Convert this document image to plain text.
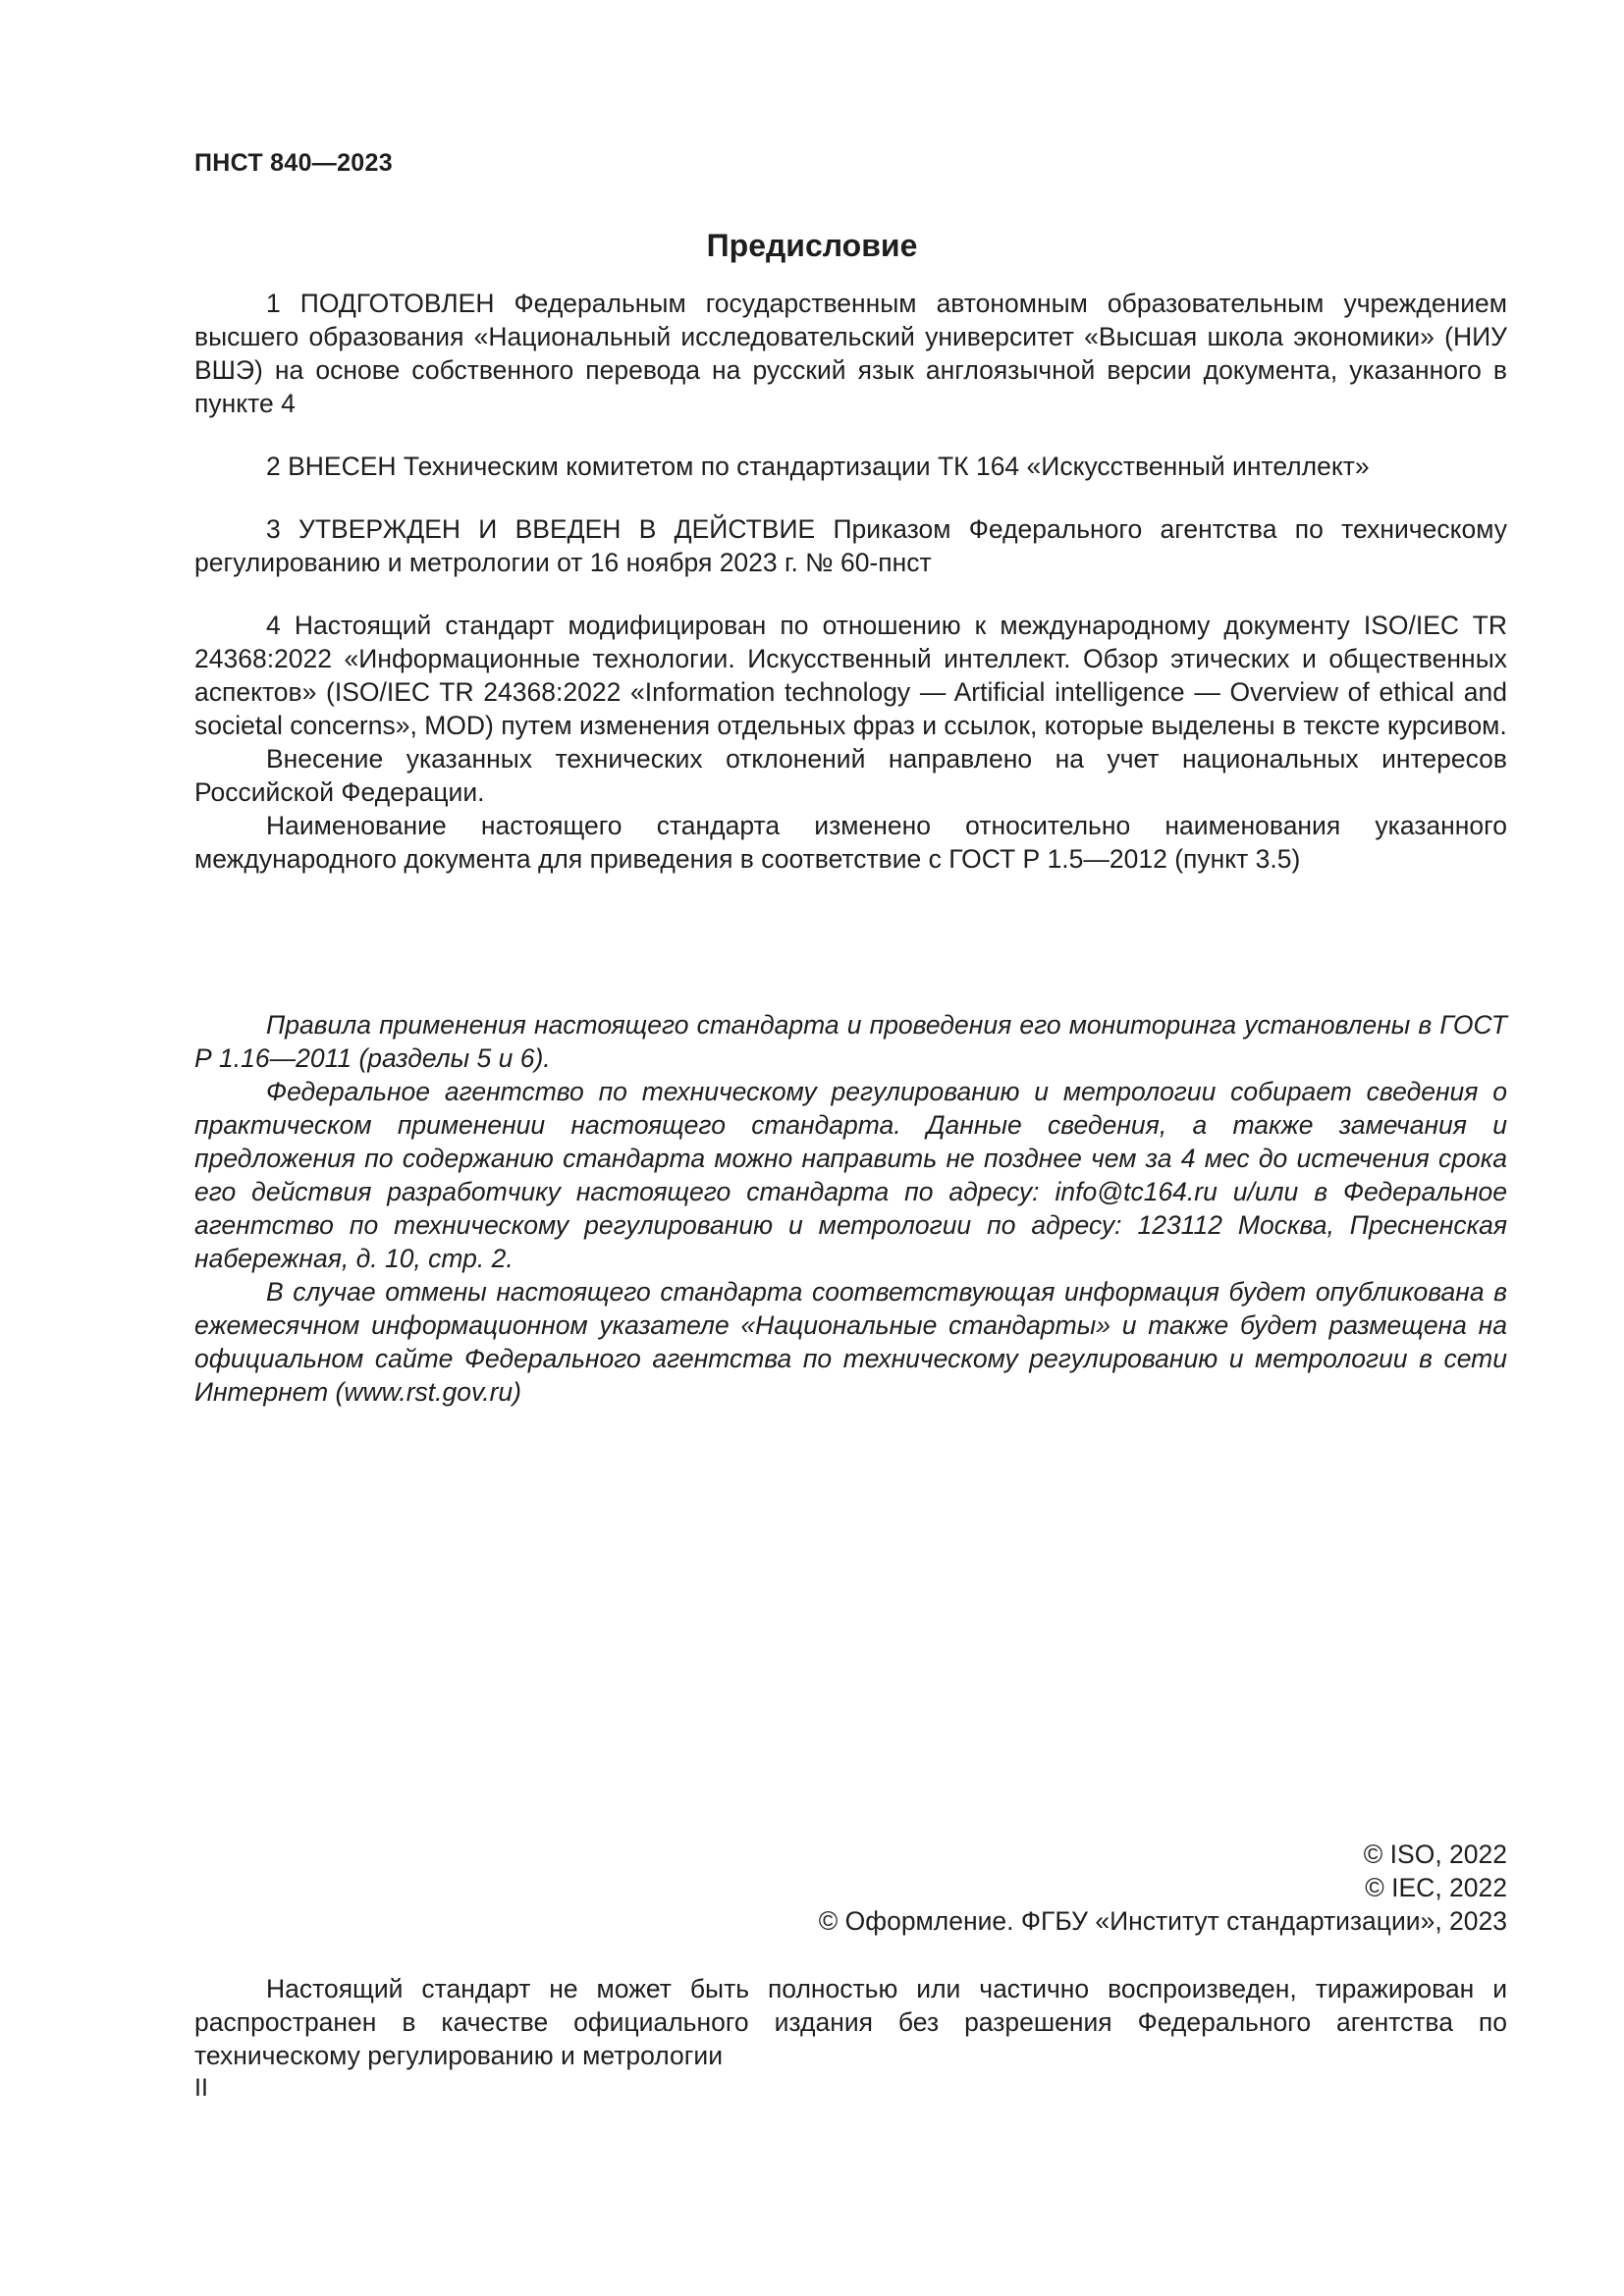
ПНСТ 840—2023
Предисловие

1 ПОДГОТОВЛЕН Федеральным государственным автономным образовательным учреждением высшего образования «Национальный исследовательский университет «Высшая школа экономики» (НИУ ВШЭ) на основе собственного перевода на русский язык англоязычной версии документа, указанного в пункте 4

2 ВНЕСЕН Техническим комитетом по стандартизации ТК 164 «Искусственный интеллект»

3 УТВЕРЖДЕН И ВВЕДЕН В ДЕЙСТВИЕ Приказом Федерального агентства по техническому регулированию и метрологии от 16 ноября 2023 г. № 60-пнст

4 Настоящий стандарт модифицирован по отношению к международному документу ISO/IEC TR 24368:2022 «Информационные технологии. Искусственный интеллект. Обзор этических и общественных аспектов» (ISO/IEC TR 24368:2022 «Information technology — Artificial intelligence — Overview of ethical and societal concerns», MOD) путем изменения отдельных фраз и ссылок, которые выделены в тексте курсивом.

Внесение указанных технических отклонений направлено на учет национальных интересов Российской Федерации.

Наименование настоящего стандарта изменено относительно наименования указанного международного документа для приведения в соответствие с ГОСТ Р 1.5—2012 (пункт 3.5)

Правила применения настоящего стандарта и проведения его мониторинга установлены в ГОСТ Р 1.16—2011 (разделы 5 и 6).

Федеральное агентство по техническому регулированию и метрологии собирает сведения о практическом применении настоящего стандарта. Данные сведения, а также замечания и предложения по содержанию стандарта можно направить не позднее чем за 4 мес до истечения срока его действия разработчику настоящего стандарта по адресу: info@tc164.ru и/или в Федеральное агентство по техническому регулированию и метрологии по адресу: 123112 Москва, Пресненская набережная, д. 10, стр. 2.

В случае отмены настоящего стандарта соответствующая информация будет опубликована в ежемесячном информационном указателе «Национальные стандарты» и также будет размещена на официальном сайте Федерального агентства по техническому регулированию и метрологии в сети Интернет (www.rst.gov.ru)

© ISO, 2022
© IEC, 2022
© Оформление. ФГБУ «Институт стандартизации», 2023

Настоящий стандарт не может быть полностью или частично воспроизведен, тиражирован и распространен в качестве официального издания без разрешения Федерального агентства по техническому регулированию и метрологии

II
